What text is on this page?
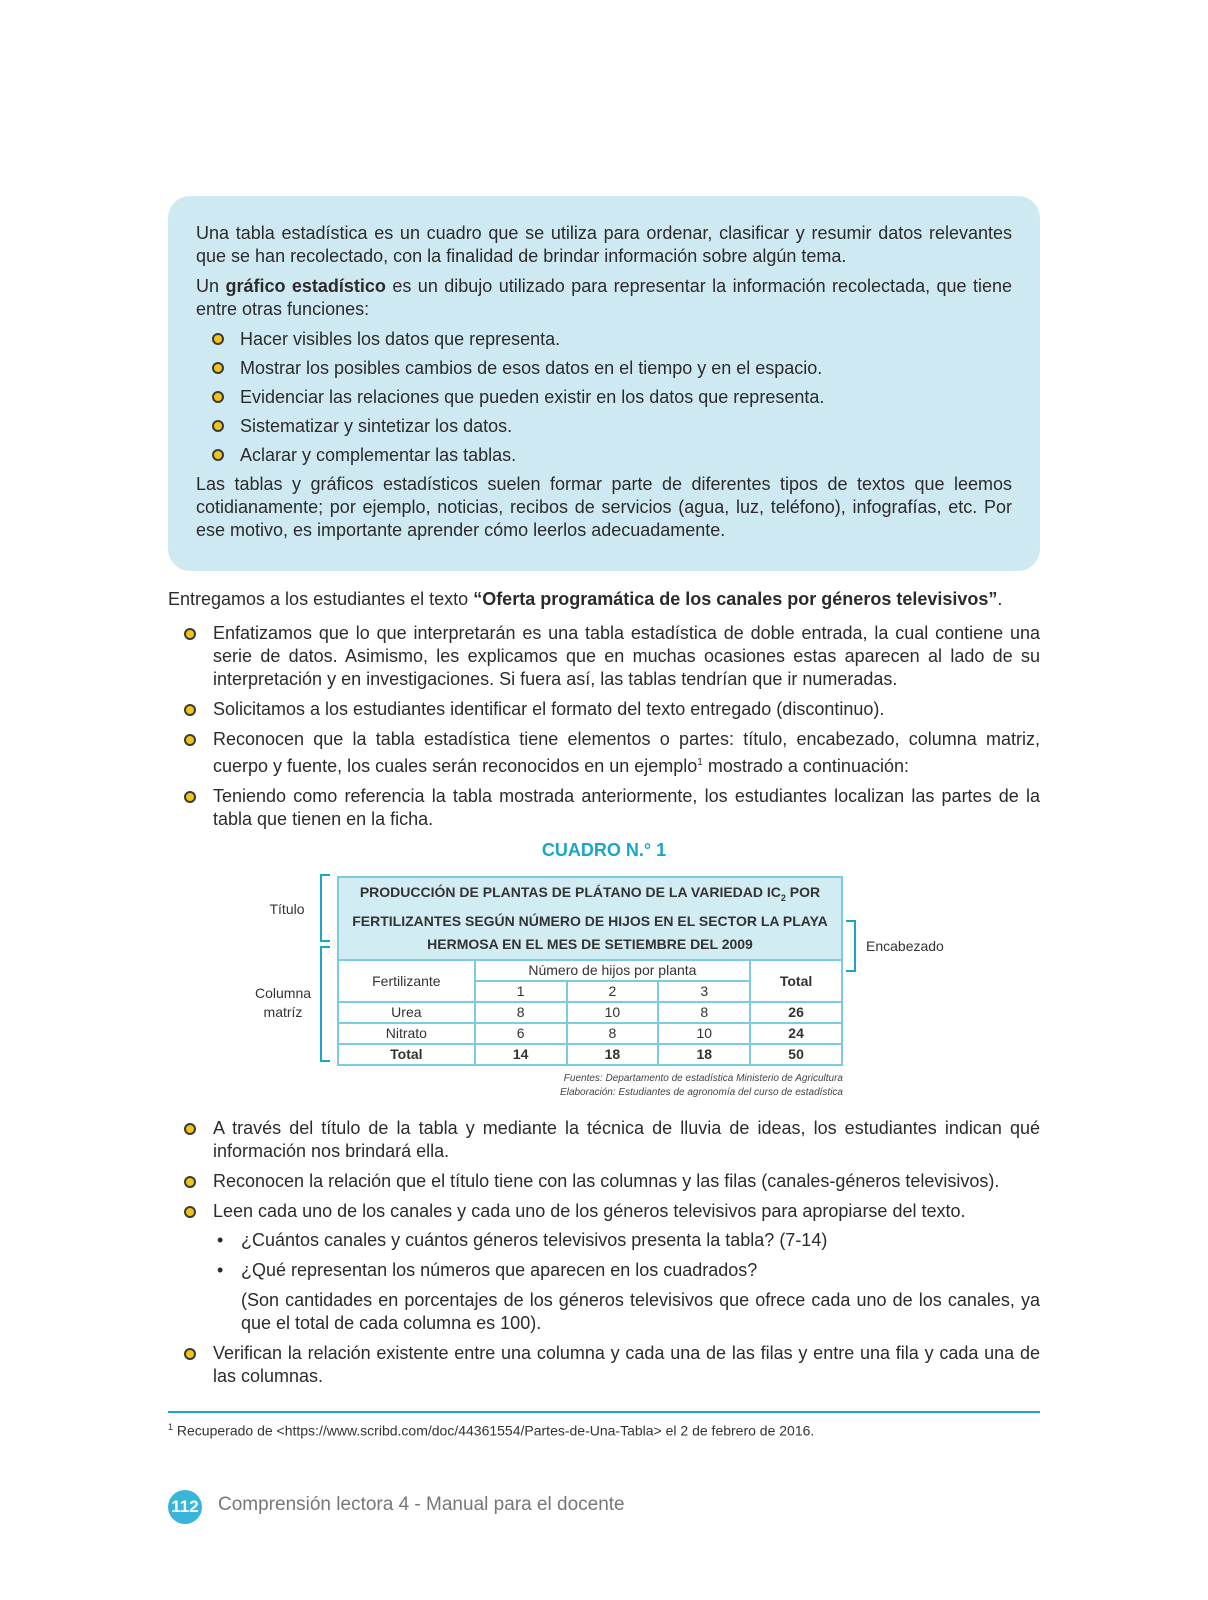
Una tabla estadística es un cuadro que se utiliza para ordenar, clasificar y resumir datos relevantes que se han recolectado, con la finalidad de brindar información sobre algún tema.

Un gráfico estadístico es un dibujo utilizado para representar la información recolectada, que tiene entre otras funciones:

Hacer visibles los datos que representa.
Mostrar los posibles cambios de esos datos en el tiempo y en el espacio.
Evidenciar las relaciones que pueden existir en los datos que representa.
Sistematizar y sintetizar los datos.
Aclarar y complementar las tablas.

Las tablas y gráficos estadísticos suelen formar parte de diferentes tipos de textos que leemos cotidianamente; por ejemplo, noticias, recibos de servicios (agua, luz, teléfono), infografías, etc. Por ese motivo, es importante aprender cómo leerlos adecuadamente.

Entregamos a los estudiantes el texto “Oferta programática de los canales por géneros televisivos”.
Enfatizamos que lo que interpretarán es una tabla estadística de doble entrada, la cual contiene una serie de datos. Asimismo, les explicamos que en muchas ocasiones estas aparecen al lado de su interpretación y en investigaciones. Si fuera así, las tablas tendrían que ir numeradas.
Solicitamos a los estudiantes identificar el formato del texto entregado (discontinuo).
Reconocen que la tabla estadística tiene elementos o partes: título, encabezado, columna matriz, cuerpo y fuente, los cuales serán reconocidos en un ejemplo$^1$ mostrado a continuación:
Teniendo como referencia la tabla mostrada anteriormente, los estudiantes localizan las partes de la tabla que tienen en la ficha.
CUADRO N.° 1
PRODUCCIÓN DE PLANTAS DE PLÁTANO DE LA VARIEDAD $IC_2$ POR FERTILIZANTES SEGÚN NÚMERO DE HIJOS EN EL SECTOR LA PLAYA HERMOSA EN EL MES DE SETIEMBRE DEL 2009				
Fertilizante	Número de hijos por planta			Total
	1	2	3	
Urea	8	10	8	26
Nitrato	6	8	10	24
Total	14	18	18	50
Título
Columna
matríz
Encabezado
Fuentes: Departamento de estadística Ministerio de Agricultura
Elaboración: Estudiantes de agronomía del curso de estadística
A través del título de la tabla y mediante la técnica de lluvia de ideas, los estudiantes indican qué información nos brindará ella.
Reconocen la relación que el título tiene con las columnas y las filas (canales-géneros televisivos).
Leen cada uno de los canales y cada uno de los géneros televisivos para apropiarse del texto.
• ¿Cuántos canales y cuántos géneros televisivos presenta la tabla? (7-14)
• ¿Qué representan los números que aparecen en los cuadrados?
(Son cantidades en porcentajes de los géneros televisivos que ofrece cada uno de los canales, ya que el total de cada columna es 100).
Verifican la relación existente entre una columna y cada una de las filas y entre una fila y cada una de las columnas.
$^1$ Recuperado de <https://www.scribd.com/doc/44361554/Partes-de-Una-Tabla> el 2 de febrero de 2016.
112 Comprensión lectora 4 - Manual para el docente
